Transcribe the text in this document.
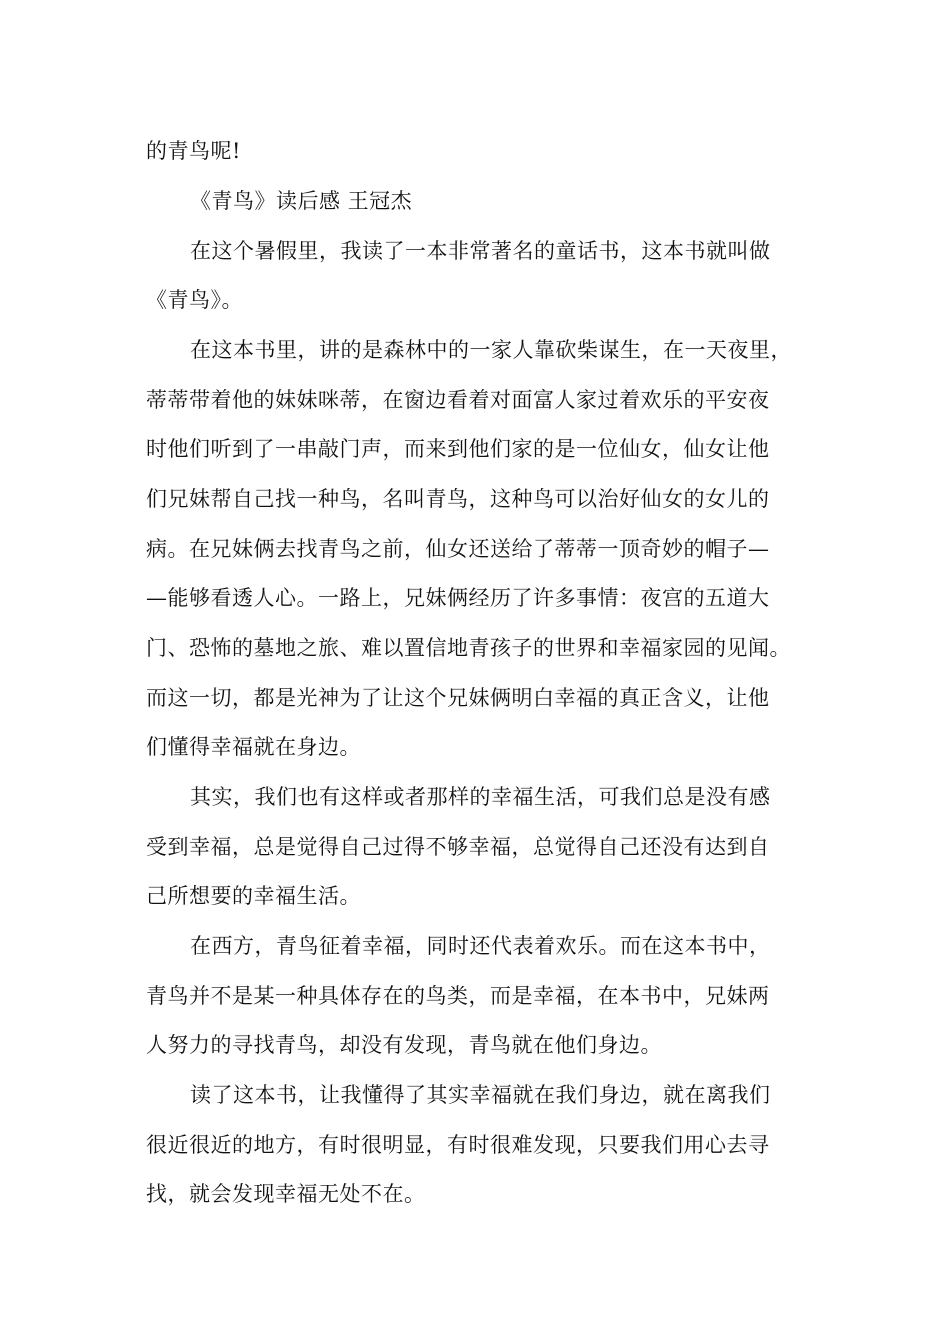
的青鸟呢!

《青鸟》读后感 王冠杰

在这个暑假里，我读了一本非常著名的童话书，这本书就叫做

《青鸟》。

在这本书里，讲的是森林中的一家人靠砍柴谋生，在一天夜里，

蒂蒂带着他的妹妹咪蒂，在窗边看着对面富人家过着欢乐的平安夜

时他们听到了一串敲门声，而来到他们家的是一位仙女，仙女让他

们兄妹帮自己找一种鸟，名叫青鸟，这种鸟可以治好仙女的女儿的

病。在兄妹俩去找青鸟之前，仙女还送给了蒂蒂一顶奇妙的帽子—

—能够看透人心。一路上，兄妹俩经历了许多事情：夜宫的五道大

门、恐怖的墓地之旅、难以置信地青孩子的世界和幸福家园的见闻。

而这一切，都是光神为了让这个兄妹俩明白幸福的真正含义，让他

们懂得幸福就在身边。

其实，我们也有这样或者那样的幸福生活，可我们总是没有感

受到幸福，总是觉得自己过得不够幸福，总觉得自己还没有达到自

己所想要的幸福生活。

在西方，青鸟征着幸福，同时还代表着欢乐。而在这本书中，

青鸟并不是某一种具体存在的鸟类，而是幸福，在本书中，兄妹两

人努力的寻找青鸟，却没有发现，青鸟就在他们身边。

读了这本书，让我懂得了其实幸福就在我们身边，就在离我们

很近很近的地方，有时很明显，有时很难发现，只要我们用心去寻

找，就会发现幸福无处不在。
